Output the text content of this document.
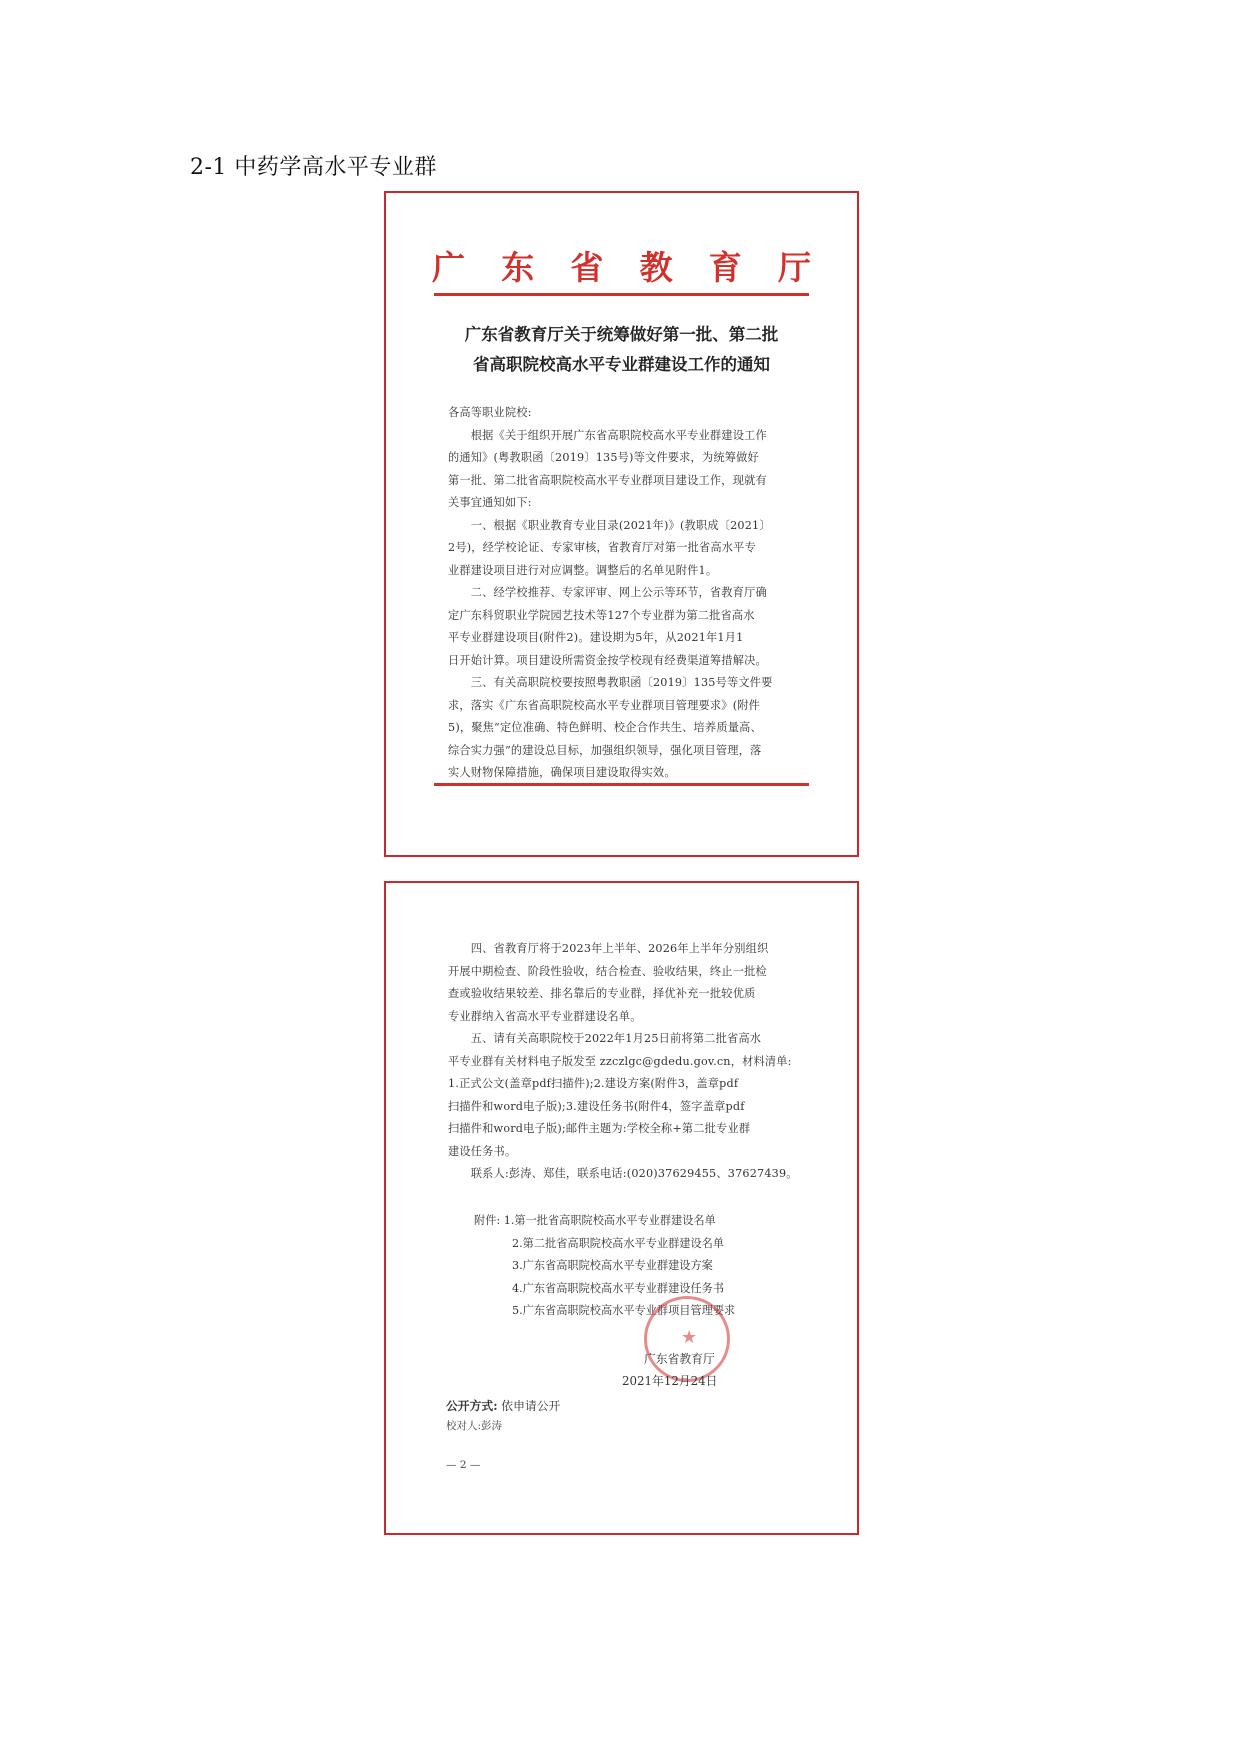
2-1 中药学高水平专业群
广 东 省 教 育 厅
广东省教育厅关于统筹做好第一批、第二批
省高职院校高水平专业群建设工作的通知

各高等职业院校:

　　根据《关于组织开展广东省高职院校高水平专业群建设工作

的通知》(粤教职函〔2019〕135号)等文件要求，为统筹做好

第一批、第二批省高职院校高水平专业群项目建设工作，现就有

关事宜通知如下:

　　一、根据《职业教育专业目录(2021年)》(教职成〔2021〕

2号)，经学校论证、专家审核，省教育厅对第一批省高水平专

业群建设项目进行对应调整。调整后的名单见附件1。

　　二、经学校推荐、专家评审、网上公示等环节，省教育厅确

定广东科贸职业学院园艺技术等127个专业群为第二批省高水

平专业群建设项目(附件2)。建设期为5年，从2021年1月1

日开始计算。项目建设所需资金按学校现有经费渠道筹措解决。

　　三、有关高职院校要按照粤教职函〔2019〕135号等文件要

求，落实《广东省高职院校高水平专业群项目管理要求》(附件

5)，聚焦“定位准确、特色鲜明、校企合作共生、培养质量高、

综合实力强”的建设总目标，加强组织领导，强化项目管理，落

实人财物保障措施，确保项目建设取得实效。

　　四、省教育厅将于2023年上半年、2026年上半年分别组织

开展中期检查、阶段性验收，结合检查、验收结果，终止一批检

查或验收结果较差、排名靠后的专业群，择优补充一批较优质

专业群纳入省高水平专业群建设名单。

　　五、请有关高职院校于2022年1月25日前将第二批省高水

平专业群有关材料电子版发至 zzczlgc@gdedu.gov.cn，材料清单:

1.正式公文(盖章pdf扫描件);2.建设方案(附件3，盖章pdf

扫描件和word电子版);3.建设任务书(附件4，签字盖章pdf

扫描件和word电子版);邮件主题为:学校全称+第二批专业群

建设任务书。

　　联系人:彭涛、郑佳，联系电话:(020)37629455、37627439。

附件: 1.第一批省高职院校高水平专业群建设名单

2.第二批省高职院校高水平专业群建设名单

3.广东省高职院校高水平专业群建设方案

4.广东省高职院校高水平专业群建设任务书

5.广东省高职院校高水平专业群项目管理要求

★
广东省教育厅
2021年12月24日
公开方式: 依申请公开
校对人:彭涛
— 2 —
